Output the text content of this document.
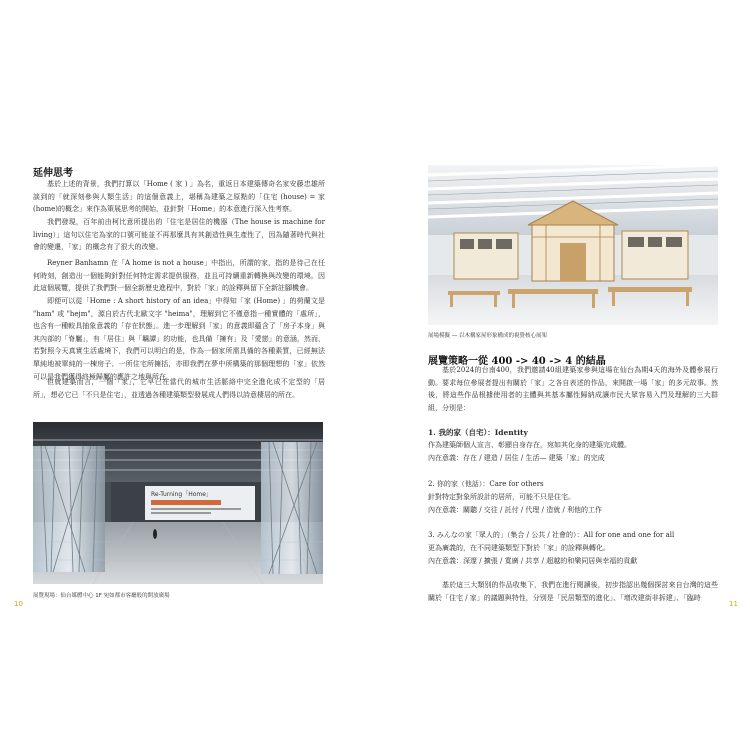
延伸思考

基於上述的背景，我們打算以「Home ( 家 ) 」為名，重返日本建築傳奇名家安藤忠雄所談到的「就深刻參與人類生活」的這個意義上，堪稱為建築之原點的「住宅 (house) = 家 (home)的概念」來作為策展思考的開始，並針對「Home」的本意進行深入性考察。

我們發現，百年前由柯比意所提出的「住宅是居住的機器（The house is machine for living）」這句以住宅為家的口號可能並不再那麼具有其創造性與生產性了，因為隨著時代與社會的變遷，「家」的概念有了很大的改變。

Reyner Banhamn 在「A home is not a house」中指出，所謂的家，指的是待己在任何時刻，創造出一個能夠針對任何特定需求提供服務，並且可持續重新轉換與改變的環境。因此這個展覽，提供了我們對一個全新歷史進程中，對於「家」的詮釋與留下全新註腳機會。

即便可以從「Home : A short history of an idea」中得知「家 (Home) 」的荷蘭文是 "ham" 或 "hejm"，源自於古代北歐文字 "heima"，理解到它不僅意指一種實體的「處所」，也含有一種較具抽象意義的「存在狀態」。進一步理解到「家」的意義即蘊含了「房子本身」與其內部的「脊屬」，有「居住」與「羈譚」的功能，也具備「擁有」及「愛戀」的意涵，然而，若對照今天真實生活處境下，我們可以明白的是，作為一個家所需具備的各種素質，已經無法單純地被單純的一棟房子、一所住宅所擁括，亦即我們在夢中所構築的那個理想的「家」依然可以是我們獲得終極歸屬的應許之地與所在。

但就建築而言，一個「家」，它早已在當代的城市生活脈絡中完全進化成不定型的「居所」，想必它已「不只是住宅」，並透過各種建築類型發展成人們得以詩意棲居的所在。

Re-Turning「Home」
展覽現場：仙台媒體中心 1F 宛如都市客廳般的開放廣場
10
展場模擬 — 以木構家屋形象構成的視覺核心展架
展覽策略一從 400 -> 40 -> 4 的結晶

基於2024的台南400，我們邀請40組建築家參與這場在仙台為期4天的海外及體參展行動。要求每位參展者提出有關於「家」之各自表述的作品，來開啟一場「家」的多元故事。然後，將這些作品根據使用者的主體與其基本屬性歸納成讓市民大眾容易入門及理解的三大群組，分別是：

1. 我的家（自宅）：Identity
作為建築師個人宣言、彰顯自身存在，宛如其化身的建築完成體。
內在意義：存在 / 建造 / 居住 / 生活— 建築「家」的完成
2. 你的家（他話）：Care for others
針對特定對象所設計的居所，可能不只是住宅。
內在意義：關聽 / 交往 / 託付 / 代理 / 造就 / 利他的工作
3. みんなの家「眾人的」（集合 / 公共 / 社會的）：All for one and one for all
更為廣義的，在不同建築類型下對於「家」的詮釋與轉化。
內在意義：深邃 / 擴張 / 寬廣 / 共享 / 超越的和樂同居與幸福的貢獻

基於這三大類別的作品收集下，我們在進行閱讀後，初步指認出幾個探討來自台灣的這些關於「住宅 / 家」的議題與特性，分別是「民居類型的進化」、「增改建街非拆建」、「臨時

11
